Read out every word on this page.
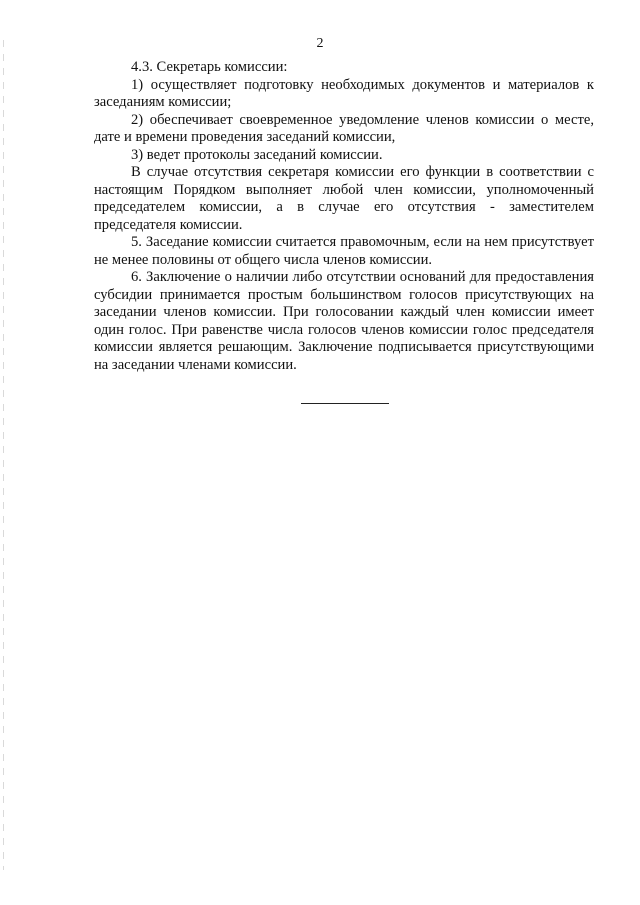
2

4.3. Секретарь комиссии:

1) осуществляет подготовку необходимых документов и материалов к заседаниям комиссии;

2) обеспечивает своевременное уведомление членов комиссии о месте, дате и времени проведения заседаний комиссии,

3) ведет протоколы заседаний комиссии.

В случае отсутствия секретаря комиссии его функции в соответствии с настоящим Порядком выполняет любой член комиссии, уполномоченный председателем комиссии, а в случае его отсутствия - заместителем председателя комиссии.

5. Заседание комиссии считается правомочным, если на нем присутствует не менее половины от общего числа членов комиссии.

6. Заключение о наличии либо отсутствии оснований для предоставления субсидии принимается простым большинством голосов присутствующих на заседании членов комиссии. При голосовании каждый член комиссии имеет один голос. При равенстве числа голосов членов комиссии голос председателя комиссии является решающим. Заключение подписывается присутствующими на заседании членами комиссии.
